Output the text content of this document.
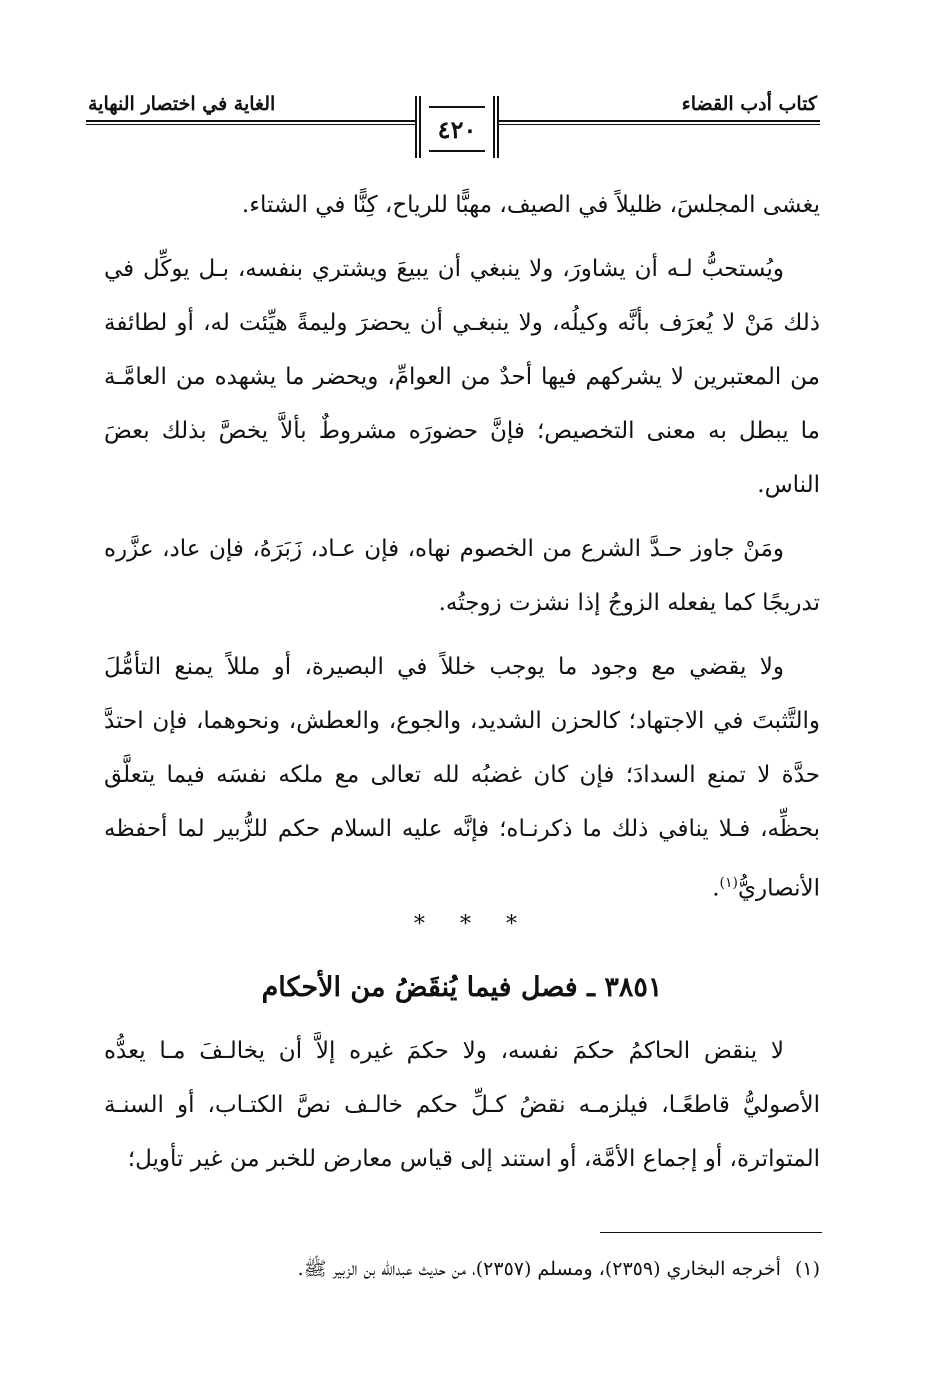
كتاب أدب القضاء
الغاية في اختصار النهاية
٤٢٠

يغشى المجلسَ، ظليلاً في الصيف، مهبًّا للرياح، كِنًّا في الشتاء.

ويُستحبُّ لـه أن يشاورَ، ولا ينبغي أن يبيعَ ويشتري بنفسه، بـل يوكِّل في ذلك مَنْ لا يُعرَف بأنَّه وكيلُه، ولا ينبغـي أن يحضرَ وليمةً هيِّئت له، أو لطائفة من المعتبرين لا يشركهم فيها أحدٌ من العوامِّ، ويحضر ما يشهده من العامَّـة ما يبطل به معنى التخصيص؛ فإنَّ حضورَه مشروطٌ بألاَّ يخصَّ بذلك بعضَ الناس.

ومَنْ جاوز حـدَّ الشرع من الخصوم نهاه، فإن عـاد، زَبَرَهُ، فإن عاد، عزَّره تدريجًا كما يفعله الزوجُ إذا نشزت زوجتُه.

ولا يقضي مع وجود ما يوجب خللاً في البصيرة، أو مللاً يمنع التأمُّلَ والتَّثبتَ في الاجتهاد؛ كالحزن الشديد، والجوع، والعطش، ونحوهما، فإن احتدَّ حدَّة لا تمنع السدادَ؛ فإن كان غضبُه لله تعالى مع ملكه نفسَه فيما يتعلَّق بحظِّه، فـلا ينافي ذلك ما ذكرنـاه؛ فإنَّه عليه السلام حكم للزُّبير لما أحفظه الأنصاريُّ$^{(١)}$.

* * *
٣٨٥١ ـ فصل فيما يُنقَضُ من الأحكام

لا ينقض الحاكمُ حكمَ نفسه، ولا حكمَ غيره إلاَّ أن يخالـفَ مـا يعدُّه الأصوليُّ قاطعًـا، فيلزمـه نقضُ كـلِّ حكم خالـف نصَّ الكتـاب، أو السنـة المتواترة، أو إجماع الأمَّة، أو استند إلى قياس معارض للخبر من غير تأويل؛

(١)أخرجه البخاري (٢٣٥٩)، ومسلم (٢٣٥٧)، من حديث عبدالله بن الزبير ﷺ.
